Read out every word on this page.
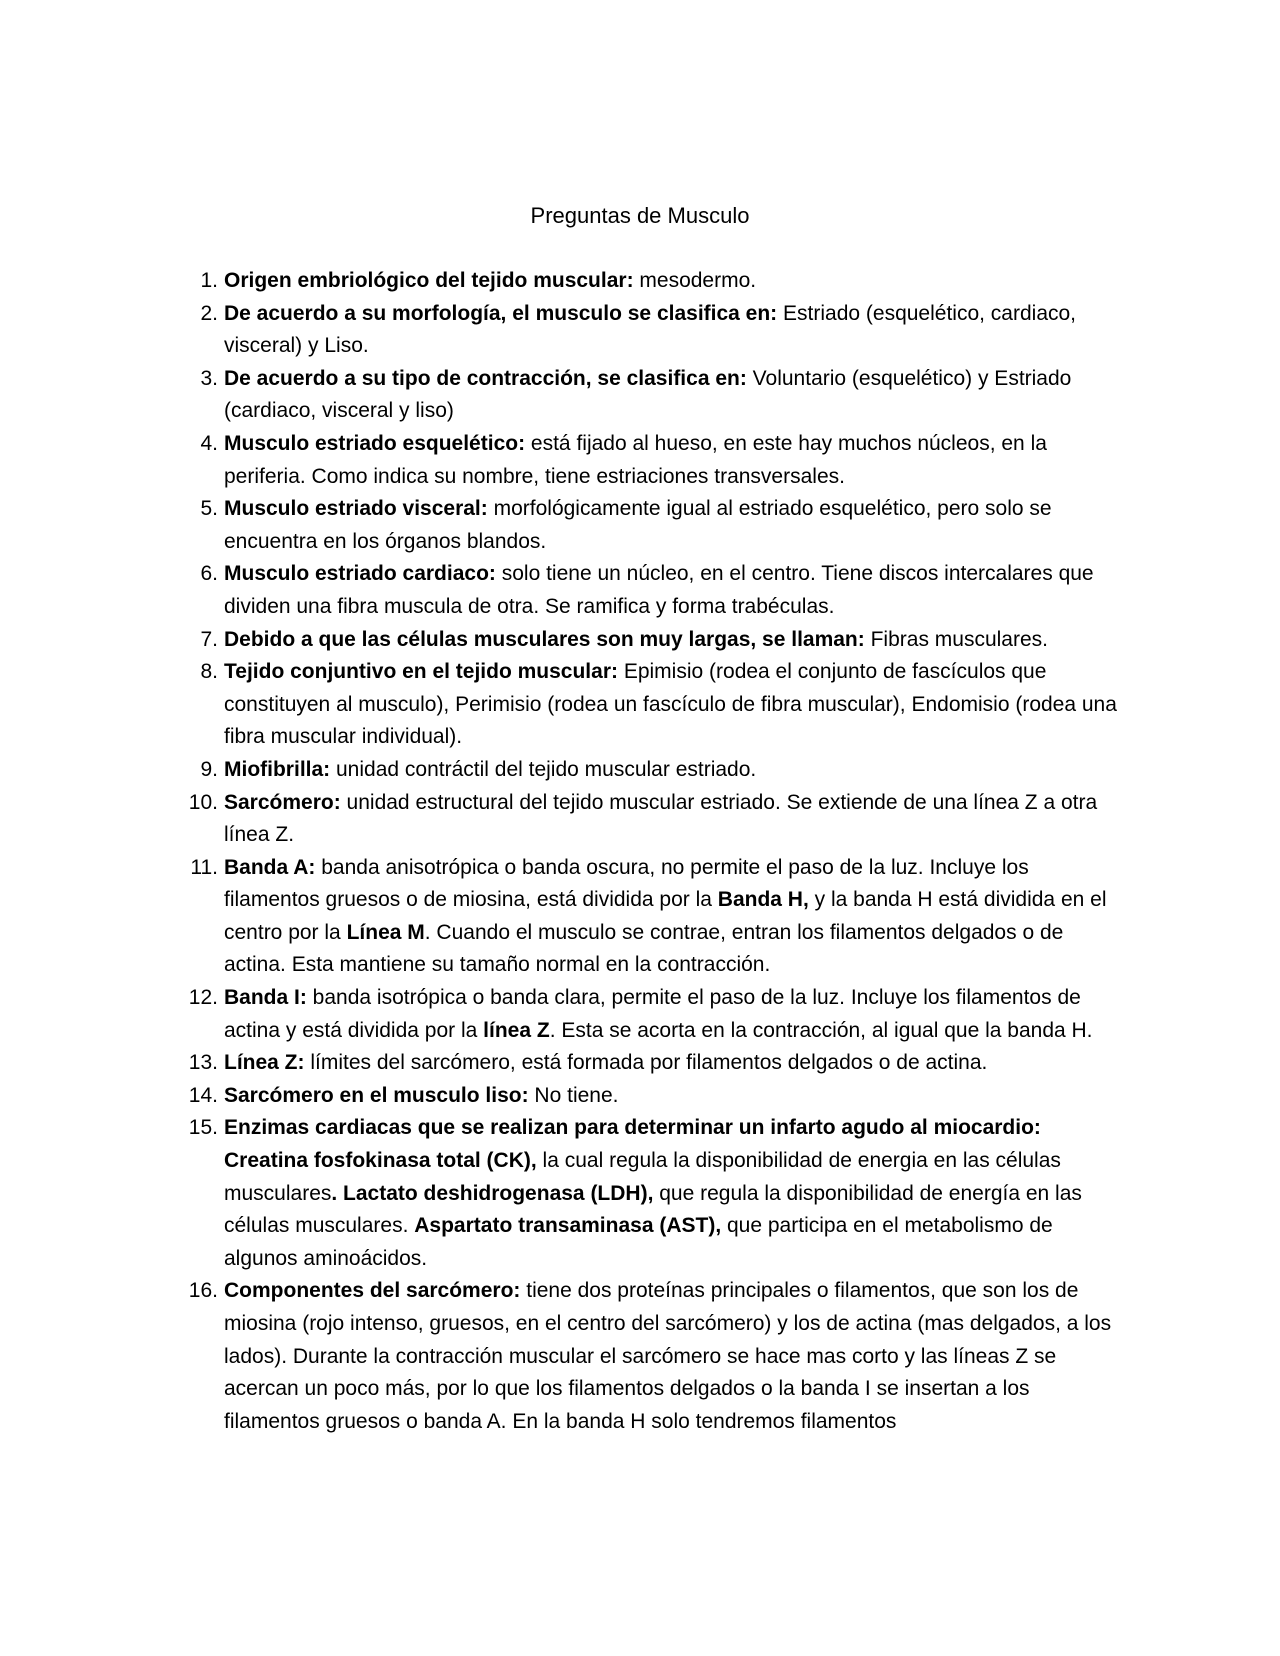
Preguntas de Musculo
1. Origen embriológico del tejido muscular: mesodermo.
2. De acuerdo a su morfología, el musculo se clasifica en: Estriado (esquelético, cardiaco, visceral) y Liso.
3. De acuerdo a su tipo de contracción, se clasifica en: Voluntario (esquelético) y Estriado (cardiaco, visceral y liso)
4. Musculo estriado esquelético: está fijado al hueso, en este hay muchos núcleos, en la periferia. Como indica su nombre, tiene estriaciones transversales.
5. Musculo estriado visceral: morfológicamente igual al estriado esquelético, pero solo se encuentra en los órganos blandos.
6. Musculo estriado cardiaco: solo tiene un núcleo, en el centro. Tiene discos intercalares que dividen una fibra muscula de otra. Se ramifica y forma trabéculas.
7. Debido a que las células musculares son muy largas, se llaman: Fibras musculares.
8. Tejido conjuntivo en el tejido muscular: Epimisio (rodea el conjunto de fascículos que constituyen al musculo), Perimisio (rodea un fascículo de fibra muscular), Endomisio (rodea una fibra muscular individual).
9. Miofibrilla: unidad contráctil del tejido muscular estriado.
10. Sarcómero: unidad estructural del tejido muscular estriado. Se extiende de una línea Z a otra línea Z.
11. Banda A: banda anisotrópica o banda oscura, no permite el paso de la luz. Incluye los filamentos gruesos o de miosina, está dividida por la Banda H, y la banda H está dividida en el centro por la Línea M. Cuando el musculo se contrae, entran los filamentos delgados o de actina. Esta mantiene su tamaño normal en la contracción.
12. Banda I: banda isotrópica o banda clara, permite el paso de la luz. Incluye los filamentos de actina y está dividida por la línea Z. Esta se acorta en la contracción, al igual que la banda H.
13. Línea Z: límites del sarcómero, está formada por filamentos delgados o de actina.
14. Sarcómero en el musculo liso: No tiene.
15. Enzimas cardiacas que se realizan para determinar un infarto agudo al miocardio: Creatina fosfokinasa total (CK), la cual regula la disponibilidad de energia en las células musculares. Lactato deshidrogenasa (LDH), que regula la disponibilidad de energía en las células musculares. Aspartato transaminasa (AST), que participa en el metabolismo de algunos aminoácidos.
16. Componentes del sarcómero: tiene dos proteínas principales o filamentos, que son los de miosina (rojo intenso, gruesos, en el centro del sarcómero) y los de actina (mas delgados, a los lados). Durante la contracción muscular el sarcómero se hace mas corto y las líneas Z se acercan un poco más, por lo que los filamentos delgados o la banda I se insertan a los filamentos gruesos o banda A. En la banda H solo tendremos filamentos
